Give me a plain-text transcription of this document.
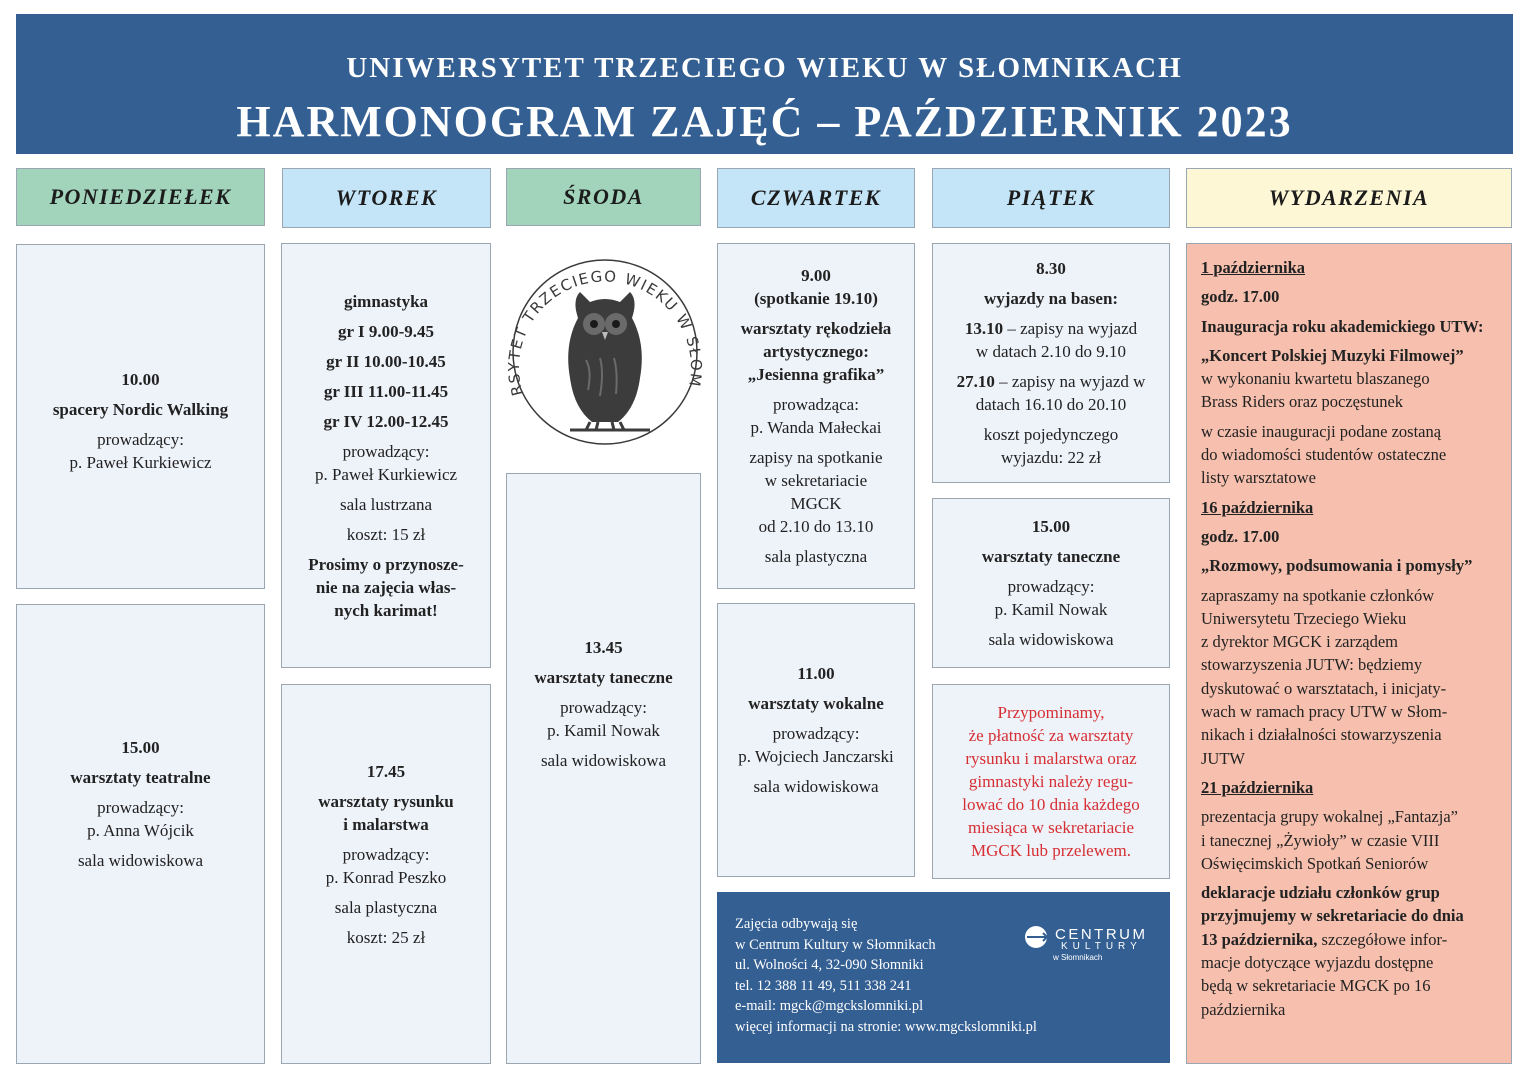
UNIWERSYTET TRZECIEGO WIEKU W SŁOMNIKACH
HARMONOGRAM ZAJĘĆ – PAŹDZIERNIK 2023
PONIEDZIEŁEK	WTOREK	ŚRODA	CZWARTEK	PIĄTEK	WYDARZENIA
10.00
spacery Nordic Walking
prowadzący:
p. Paweł Kurkiewicz
15.00
warsztaty teatralne
prowadzący:
p. Anna Wójcik
sala widowiskowa
gimnastyka
gr I 9.00-9.45
gr II 10.00-10.45
gr III 11.00-11.45
gr IV 12.00-12.45
prowadzący:
p. Paweł Kurkiewicz
sala lustrzana
koszt: 15 zł
Prosimy o przynosze-
nie na zajęcia włas-
nych karimat!
17.45
warsztaty rysunku
i malarstwa
prowadzący:
p. Konrad Peszko
sala plastyczna
koszt: 25 zł
RSYTET TRZECIEGO WIEKU W SŁOM
13.45
warsztaty taneczne
prowadzący:
p. Kamil Nowak
sala widowiskowa
9.00
(spotkanie 19.10)
warsztaty rękodzieła
artystycznego:
„Jesienna grafika”
prowadząca:
p. Wanda Małeckai
zapisy na spotkanie
w sekretariacie
MGCK
od 2.10 do 13.10
sala plastyczna
11.00
warsztaty wokalne
prowadzący:
p. Wojciech Janczarski
sala widowiskowa
8.30
wyjazdy na basen:
13.10 – zapisy na wyjazd
w datach 2.10 do 9.10
27.10 – zapisy na wyjazd w
datach 16.10 do 20.10
koszt pojedynczego
wyjazdu: 22 zł
15.00
warsztaty taneczne
prowadzący:
p. Kamil Nowak
sala widowiskowa
Przypominamy,
że płatność za warsztaty
rysunku i malarstwa oraz
gimnastyki należy regu-
lować do 10 dnia każdego
miesiąca w sekretariacie
MGCK lub przelewem.
Zajęcia odbywają się
w Centrum Kultury w Słomnikach
ul. Wolności 4, 32-090 Słomniki
tel. 12 388 11 49, 511 338 241
e-mail: mgck@mgckslomniki.pl
więcej informacji na stronie: www.mgckslomniki.pl
CENTRUM
KULTURY
w Słomnikach
1 października
godz. 17.00
Inauguracja roku akademickiego UTW:
„Koncert Polskiej Muzyki Filmowej”
w wykonaniu kwartetu blaszanego
Brass Riders oraz poczęstunek
w czasie inauguracji podane zostaną
do wiadomości studentów ostateczne
listy warsztatowe
16 października
godz. 17.00
„Rozmowy, podsumowania i pomysły”
zapraszamy na spotkanie członków
Uniwersytetu Trzeciego Wieku
z dyrektor MGCK i zarządem
stowarzyszenia JUTW: będziemy
dyskutować o warsztatach, i inicjaty-
wach w ramach pracy UTW w Słom-
nikach i działalności stowarzyszenia
JUTW
21 października
prezentacja grupy wokalnej „Fantazja”
i tanecznej „Żywioły” w czasie VIII
Oświęcimskich Spotkań Seniorów
deklaracje udziału członków grup
przyjmujemy w sekretariacie do dnia
13 października, szczegółowe infor-
macje dotyczące wyjazdu dostępne
będą w sekretariacie MGCK po 16
października
